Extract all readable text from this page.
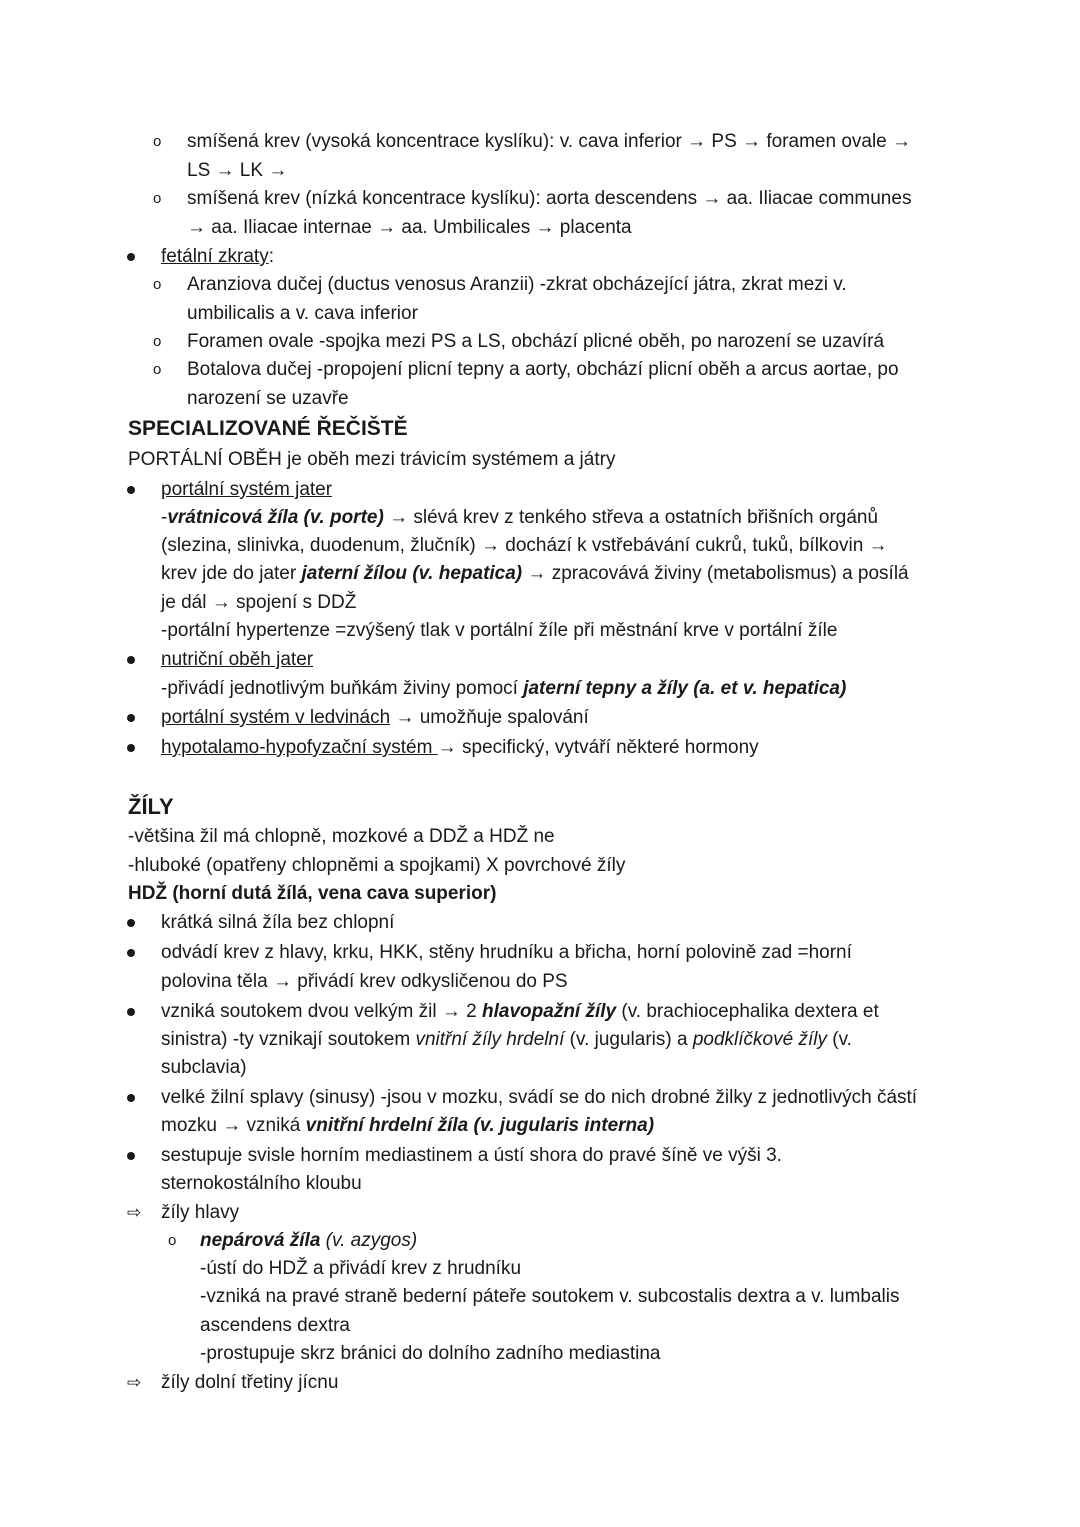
o smíšená krev (vysoká koncentrace kyslíku): v. cava inferior → PS → foramen ovale →
LS → LK →
o smíšená krev (nízká koncentrace kyslíku): aorta descendens → aa. Iliacae communes
→ aa. Iliacae internae → aa. Umbilicales → placenta
fetální zkraty:
o Aranziova dučej (ductus venosus Aranzii) -zkrat obcházející játra, zkrat mezi v.
umbilicalis a v. cava inferior
o Foramen ovale -spojka mezi PS a LS, obchází plicné oběh, po narození se uzavírá
o Botalova dučej -propojení plicní tepny a aorty, obchází plicní oběh a arcus aortae, po
narození se uzavře
SPECIALIZOVANÉ ŘEČIŠTĚ
PORTÁLNÍ OBĚH je oběh mezi trávicím systémem a játry
portální systém jater
-vrátnicová žíla (v. porte) → slévá krev z tenkého střeva a ostatních břišních orgánů
(slezina, slinivka, duodenum, žlučník) → dochází k vstřebávání cukrů, tuků, bílkovin →
krev jde do jater jaterní žílou (v. hepatica) → zpracovává živiny (metabolismus) a posílá
je dál → spojení s DDŽ
-portální hypertenze =zvýšený tlak v portální žíle při městnání krve v portální žíle
nutriční oběh jater
-přivádí jednotlivým buňkám živiny pomocí jaterní tepny a žíly (a. et v. hepatica)
portální systém v ledvinách → umožňuje spalování
hypotalamo-hypofyzační systém → specifický, vytváří některé hormony
ŽÍLY
-většina žil má chlopně, mozkové a DDŽ a HDŽ ne
-hluboké (opatřeny chlopněmi a spojkami) X povrchové žíly
HDŽ (horní dutá žílá, vena cava superior)
krátká silná žíla bez chlopní
odvádí krev z hlavy, krku, HKK, stěny hrudníku a břicha, horní polovině zad =horní
polovina těla → přivádí krev odkysličenou do PS
vzniká soutokem dvou velkým žil → 2 hlavopažní žíly (v. brachiocephalika dextera et
sinistra) -ty vznikají soutokem vnitřní žíly hrdelní (v. jugularis) a podklíčkové žíly (v.
subclavia)
velké žilní splavy (sinusy) -jsou v mozku, svádí se do nich drobné žilky z jednotlivých částí
mozku → vzniká vnitřní hrdelní žíla (v. jugularis interna)
sestupuje svisle horním mediastinem a ústí shora do pravé šíně ve výši 3.
sternokostálního kloubu
⇨ žíly hlavy
o nepárová žíla (v. azygos)
-ústí do HDŽ a přivádí krev z hrudníku
-vzniká na pravé straně bederní páteře soutokem v. subcostalis dextra a v. lumbalis
ascendens dextra
-prostupuje skrz bránici do dolního zadního mediastina
⇨ žíly dolní třetiny jícnu
